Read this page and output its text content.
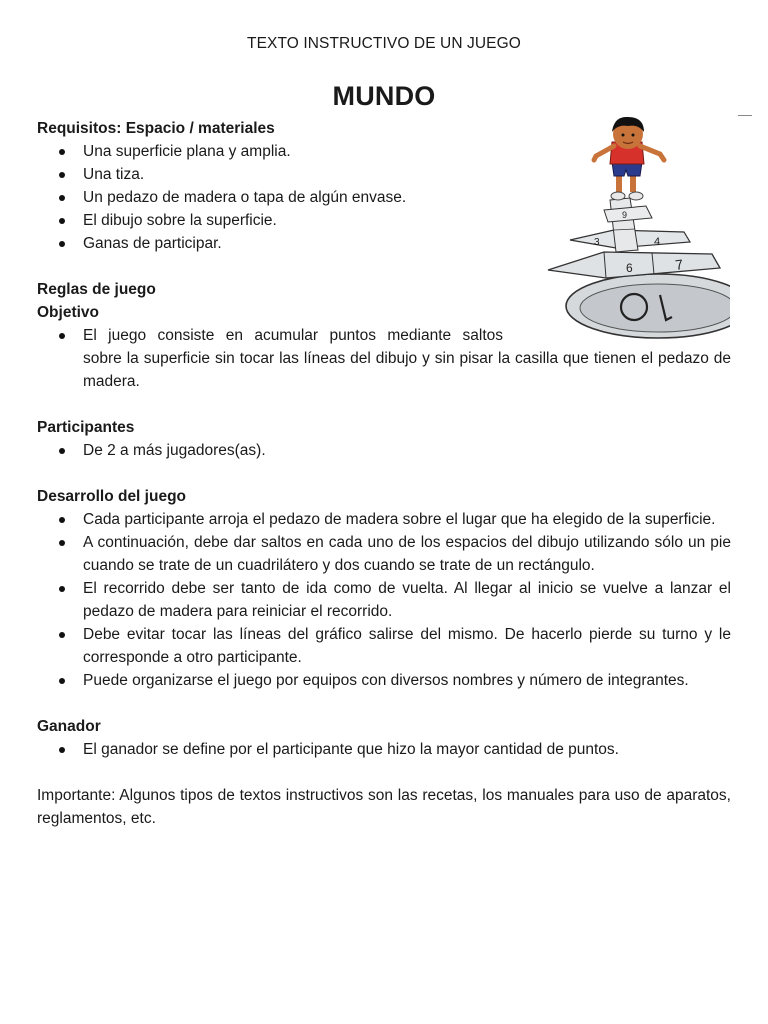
TEXTO INSTRUCTIVO DE UN JUEGO
MUNDO
7
6
4
3
9
Requisitos: Espacio / materiales
Una superficie plana y amplia.
Una tiza.
Un pedazo de madera o tapa de algún envase.
El dibujo sobre la superficie.
Ganas de participar.
Reglas de juego
Objetivo
El juego consiste en acumular puntos mediante saltos
sobre la superficie sin tocar las líneas del dibujo y sin pisar la casilla que tienen el pedazo de madera.
Participantes
De 2 a más jugadores(as).
Desarrollo del juego
Cada participante arroja el pedazo de madera sobre el lugar que ha elegido de la superficie.
A continuación, debe dar saltos en cada uno de los espacios del dibujo utilizando sólo un pie cuando se trate de un cuadrilátero y dos cuando se trate de un rectángulo.
El recorrido debe ser tanto de ida como de vuelta. Al llegar al inicio se vuelve a lanzar el pedazo de madera para reiniciar el recorrido.
Debe evitar tocar las líneas del gráfico salirse del mismo. De hacerlo pierde su turno y le corresponde a otro participante.
Puede organizarse el juego por equipos con diversos nombres y número de integrantes.
Ganador
El ganador se define por el participante que hizo la mayor cantidad de puntos.
Importante: Algunos tipos de textos instructivos son las recetas, los manuales para uso de aparatos, reglamentos, etc.
